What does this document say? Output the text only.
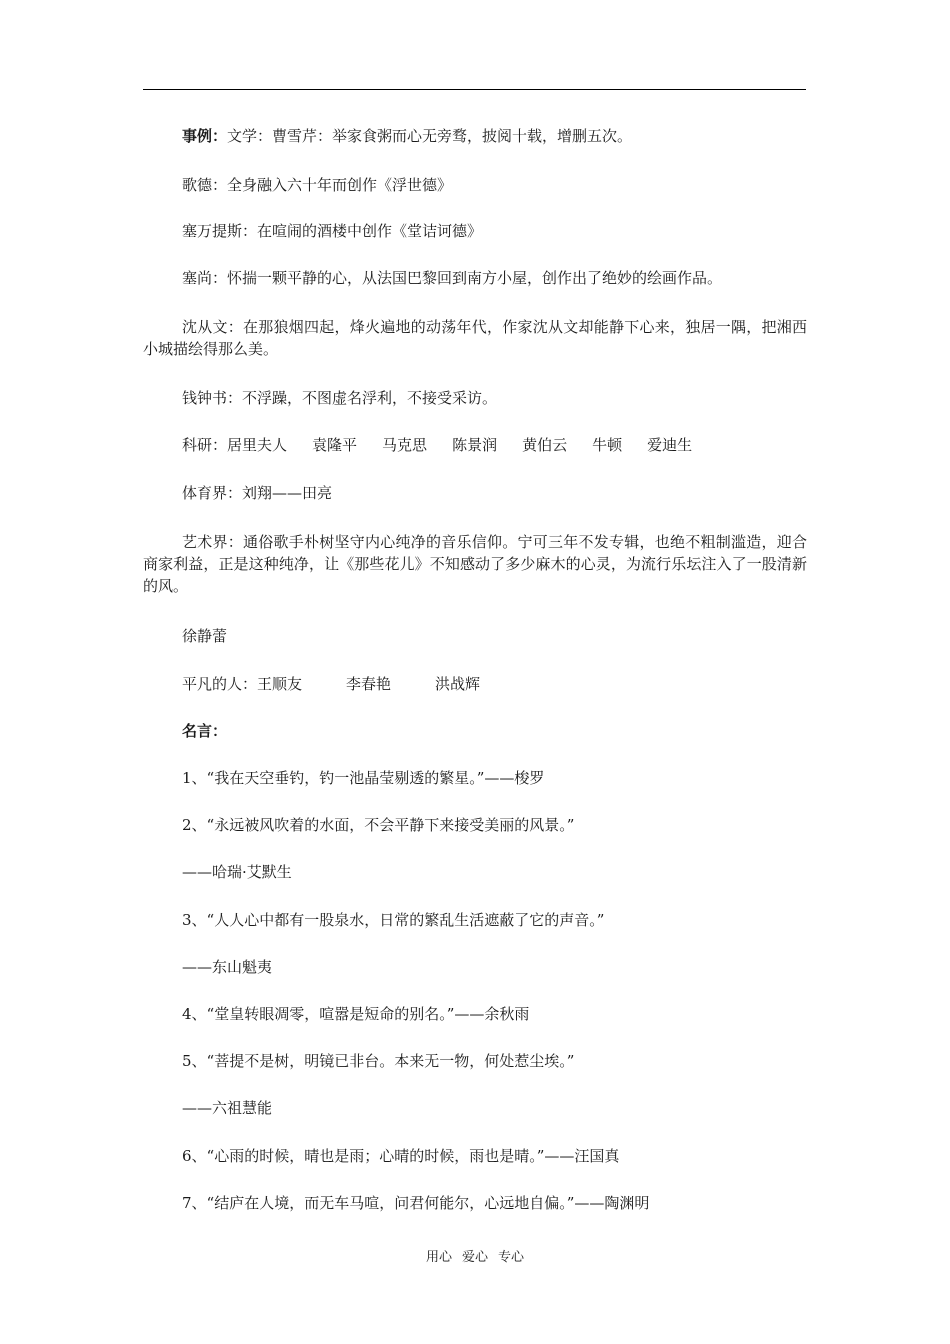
事例：文学：曹雪芹：举家食粥而心无旁骛，披阅十载，增删五次。
歌德：全身融入六十年而创作《浮世德》
塞万提斯：在喧闹的酒楼中创作《堂诘诃德》
塞尚：怀揣一颗平静的心，从法国巴黎回到南方小屋，创作出了绝妙的绘画作品。
沈从文：在那狼烟四起，烽火遍地的动荡年代，作家沈从文却能静下心来，独居一隅，把湘西小城描绘得那么美。
钱钟书：不浮躁，不图虚名浮利，不接受采访。
科研：居里夫人 袁隆平 马克思 陈景润 黄伯云 牛顿 爱迪生
体育界：刘翔——田亮
艺术界：通俗歌手朴树坚守内心纯净的音乐信仰。宁可三年不发专辑，也绝不粗制滥造，迎合商家利益，正是这种纯净，让《那些花儿》不知感动了多少麻木的心灵，为流行乐坛注入了一股清新的风。
徐静蕾
平凡的人：王顺友	李春艳	洪战辉
名言：
1、“我在天空垂钓，钓一池晶莹剔透的繁星。”——梭罗
2、“永远被风吹着的水面，不会平静下来接受美丽的风景。”
——哈瑞·艾默生
3、“人人心中都有一股泉水，日常的繁乱生活遮蔽了它的声音。”
——东山魁夷
4、“堂皇转眼凋零，喧嚣是短命的别名。”——余秋雨
5、“菩提不是树，明镜已非台。本来无一物，何处惹尘埃。”
——六祖慧能
6、“心雨的时候，晴也是雨；心晴的时候，雨也是晴。”——汪国真
7、“结庐在人境，而无车马喧，问君何能尔，心远地自偏。”——陶渊明
用心 爱心 专心
